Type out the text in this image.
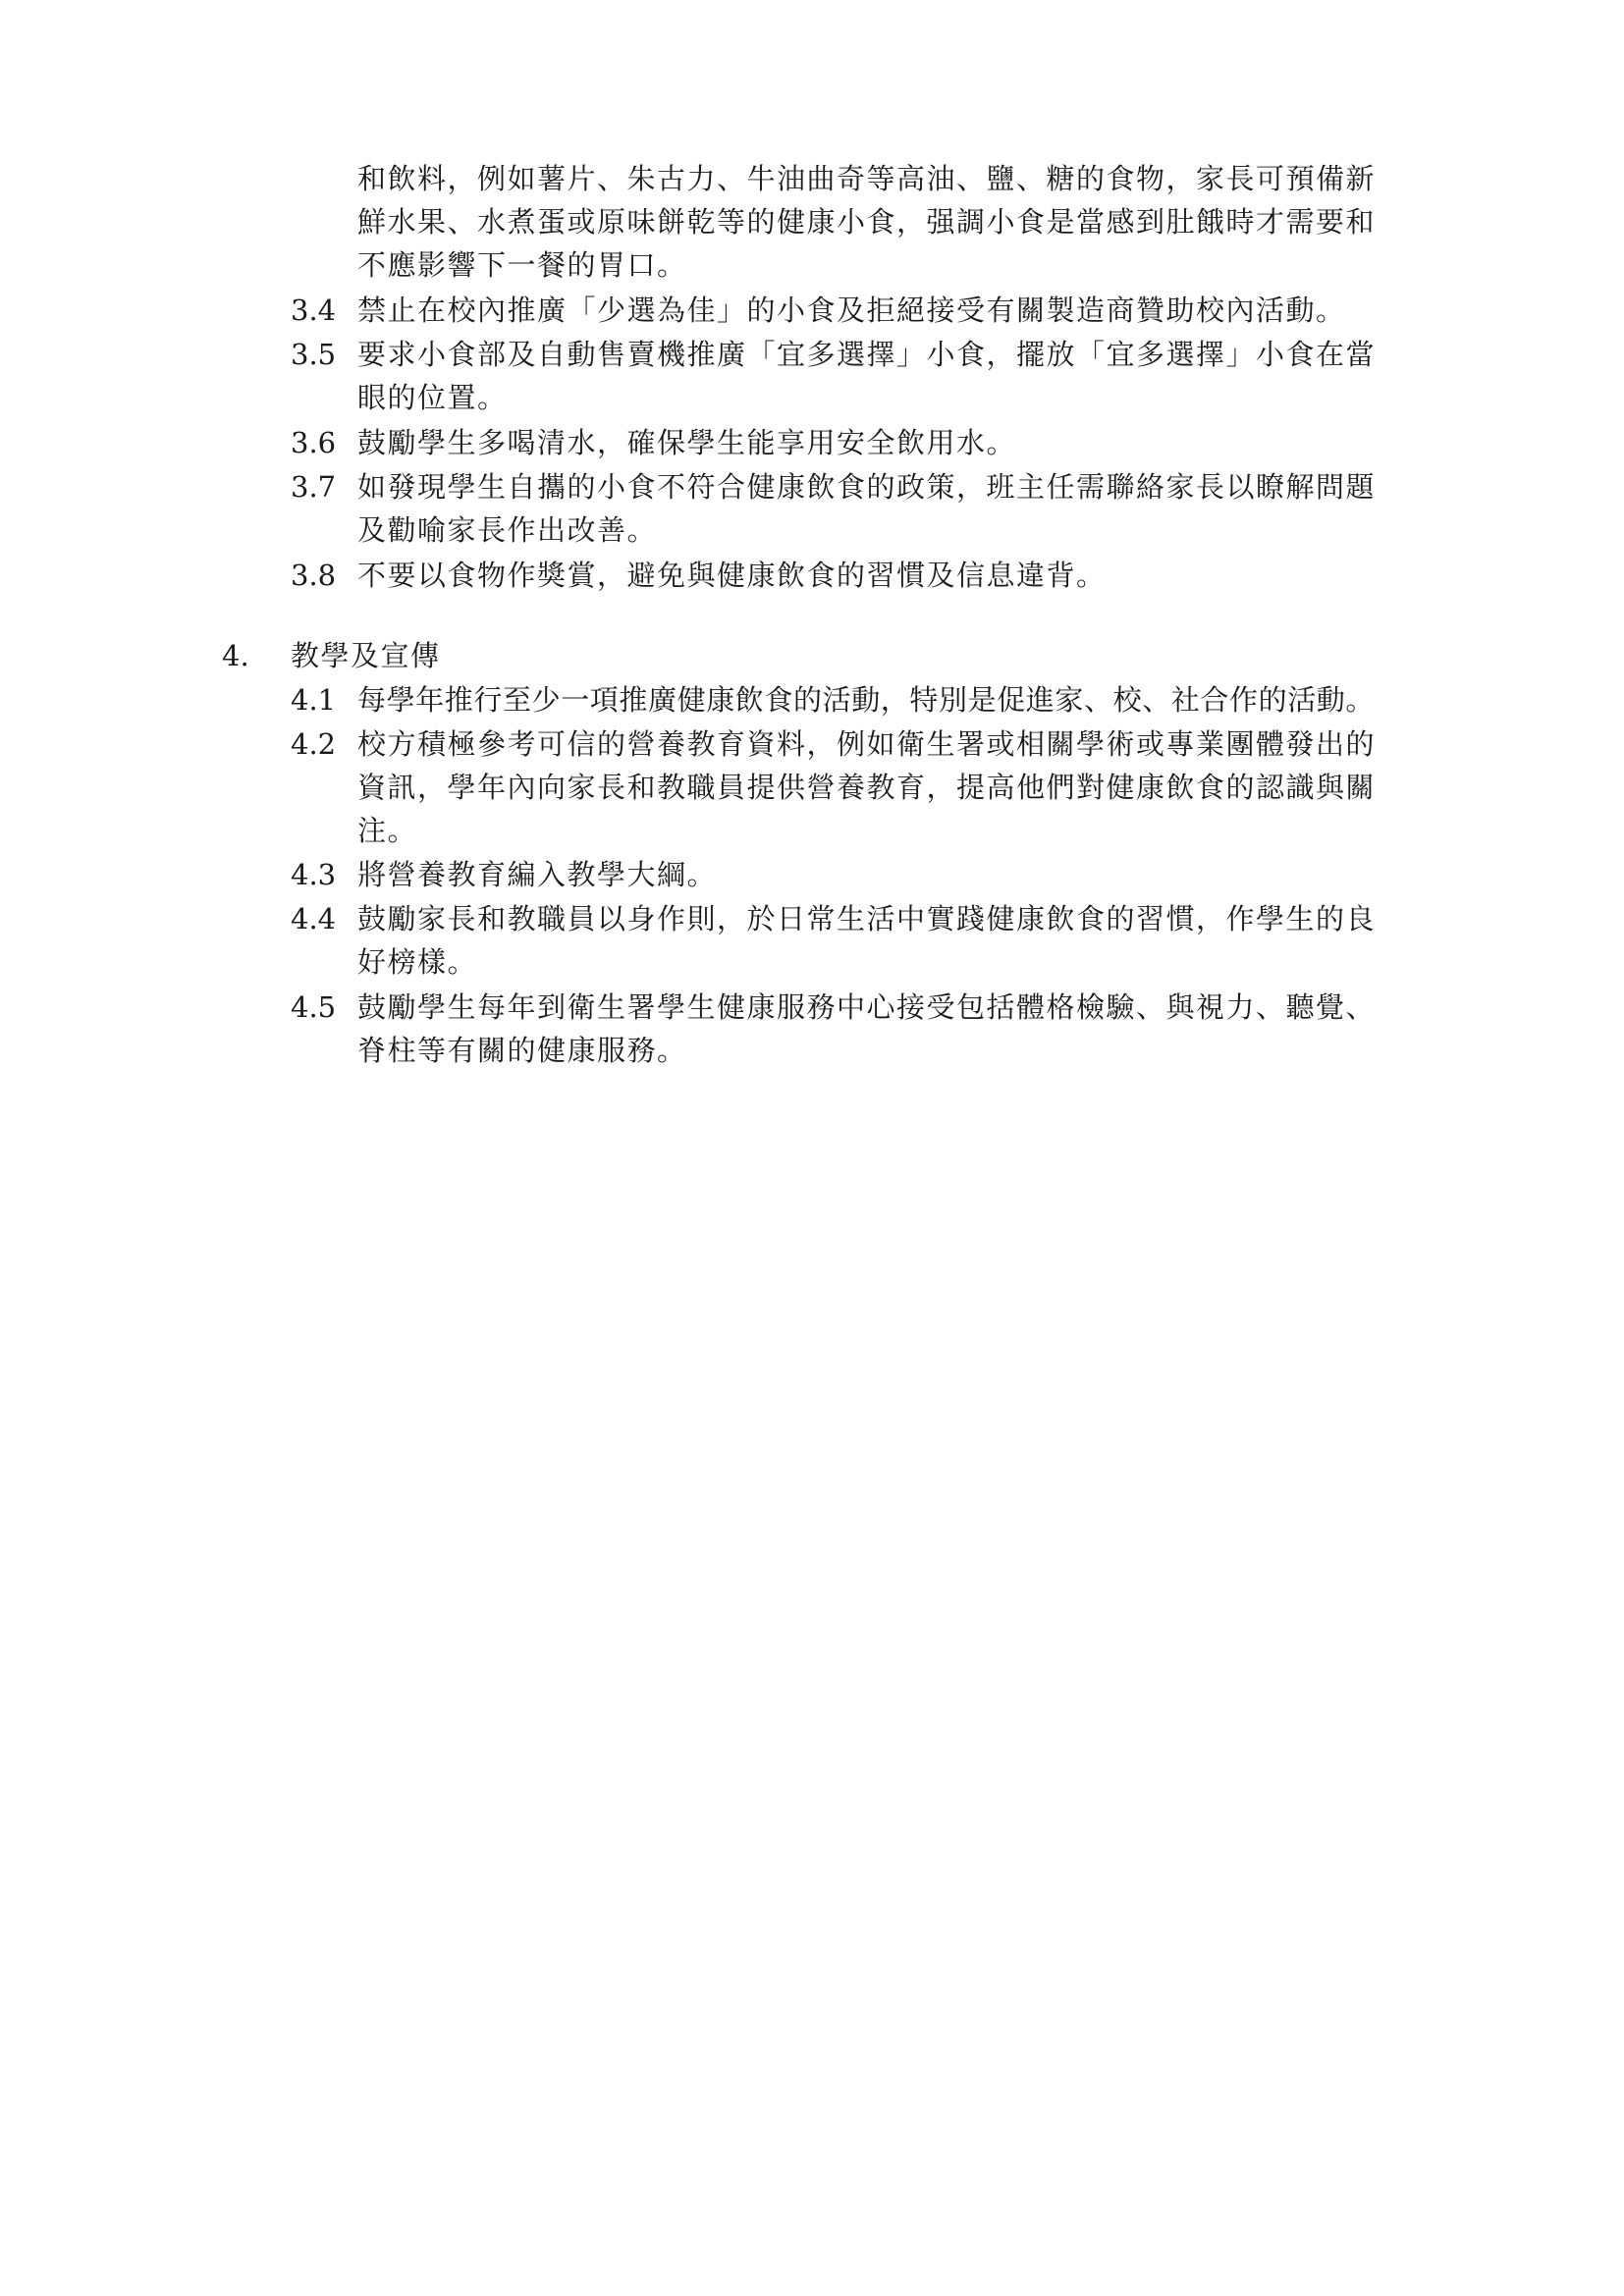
和飲料，例如薯片、朱古力、牛油曲奇等高油、鹽、糖的食物，家長可預備新
鮮水果、水煮蛋或原味餅乾等的健康小食，强調小食是當感到肚餓時才需要和
不應影響下一餐的胃口。
3.4 禁止在校內推廣「少選為佳」的小食及拒絕接受有關製造商贊助校內活動。
3.5 要求小食部及自動售賣機推廣「宜多選擇」小食，擺放「宜多選擇」小食在當
眼的位置。
3.6 鼓勵學生多喝清水，確保學生能享用安全飲用水。
3.7 如發現學生自攜的小食不符合健康飲食的政策，班主任需聯絡家長以瞭解問題
及勸喻家長作出改善。
3.8 不要以食物作獎賞，避免與健康飲食的習慣及信息違背。
4. 教學及宣傳
4.1 每學年推行至少一項推廣健康飲食的活動，特別是促進家、校、社合作的活動。
4.2 校方積極參考可信的營養教育資料，例如衛生署或相關學術或專業團體發出的
資訊，學年內向家長和教職員提供營養教育，提高他們對健康飲食的認識與關
注。
4.3 將營養教育編入教學大綱。
4.4 鼓勵家長和教職員以身作則，於日常生活中實踐健康飲食的習慣，作學生的良
好榜樣。
4.5 鼓勵學生每年到衛生署學生健康服務中心接受包括體格檢驗、與視力、聽覺、
脊柱等有關的健康服務。
